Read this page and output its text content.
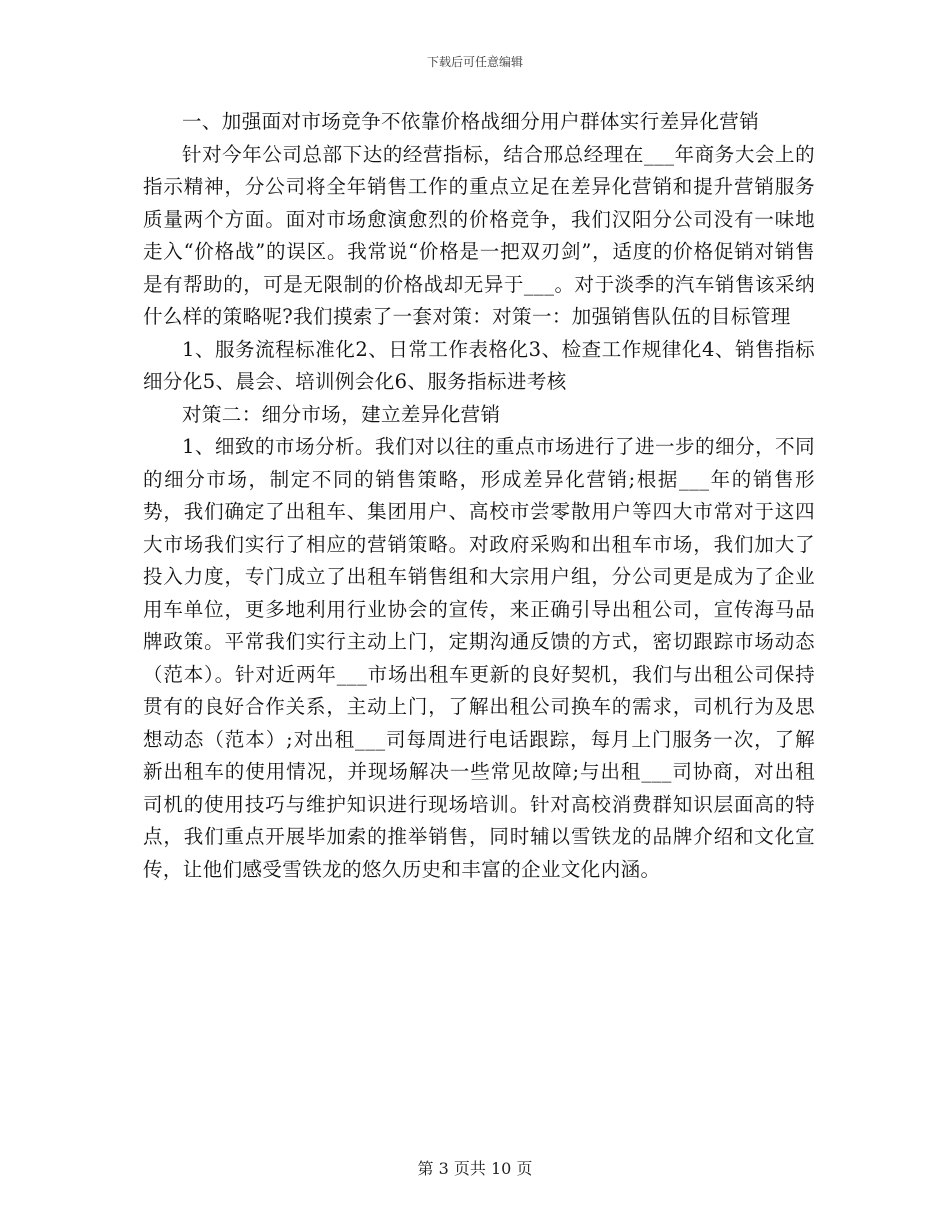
下载后可任意编辑

一、加强面对市场竞争不依靠价格战细分用户群体实行差异化营销

针对今年公司总部下达的经营指标，结合邢总经理在___年商务大会上的指示精神，分公司将全年销售工作的重点立足在差异化营销和提升营销服务质量两个方面。面对市场愈演愈烈的价格竞争，我们汉阳分公司没有一味地走入“价格战”的误区。我常说“价格是一把双刃剑”，适度的价格促销对销售是有帮助的，可是无限制的价格战却无异于___。对于淡季的汽车销售该采纳什么样的策略呢?我们摸索了一套对策：对策一：加强销售队伍的目标管理

1、服务流程标准化2、日常工作表格化3、检查工作规律化4、销售指标细分化5、晨会、培训例会化6、服务指标进考核

对策二：细分市场，建立差异化营销

1、细致的市场分析。我们对以往的重点市场进行了进一步的细分，不同的细分市场，制定不同的销售策略，形成差异化营销;根据___年的销售形势，我们确定了出租车、集团用户、高校市尝零散用户等四大市常对于这四大市场我们实行了相应的营销策略。对政府采购和出租车市场，我们加大了投入力度，专门成立了出租车销售组和大宗用户组，分公司更是成为了企业用车单位，更多地利用行业协会的宣传，来正确引导出租公司，宣传海马品牌政策。平常我们实行主动上门，定期沟通反馈的方式，密切跟踪市场动态（范本）。针对近两年___市场出租车更新的良好契机，我们与出租公司保持贯有的良好合作关系，主动上门，了解出租公司换车的需求，司机行为及思想动态（范本）;对出租___司每周进行电话跟踪，每月上门服务一次，了解新出租车的使用情况，并现场解决一些常见故障;与出租___司协商，对出租司机的使用技巧与维护知识进行现场培训。针对高校消费群知识层面高的特点，我们重点开展毕加索的推举销售，同时辅以雪铁龙的品牌介绍和文化宣传，让他们感受雪铁龙的悠久历史和丰富的企业文化内涵。

第 3 页共 10 页
